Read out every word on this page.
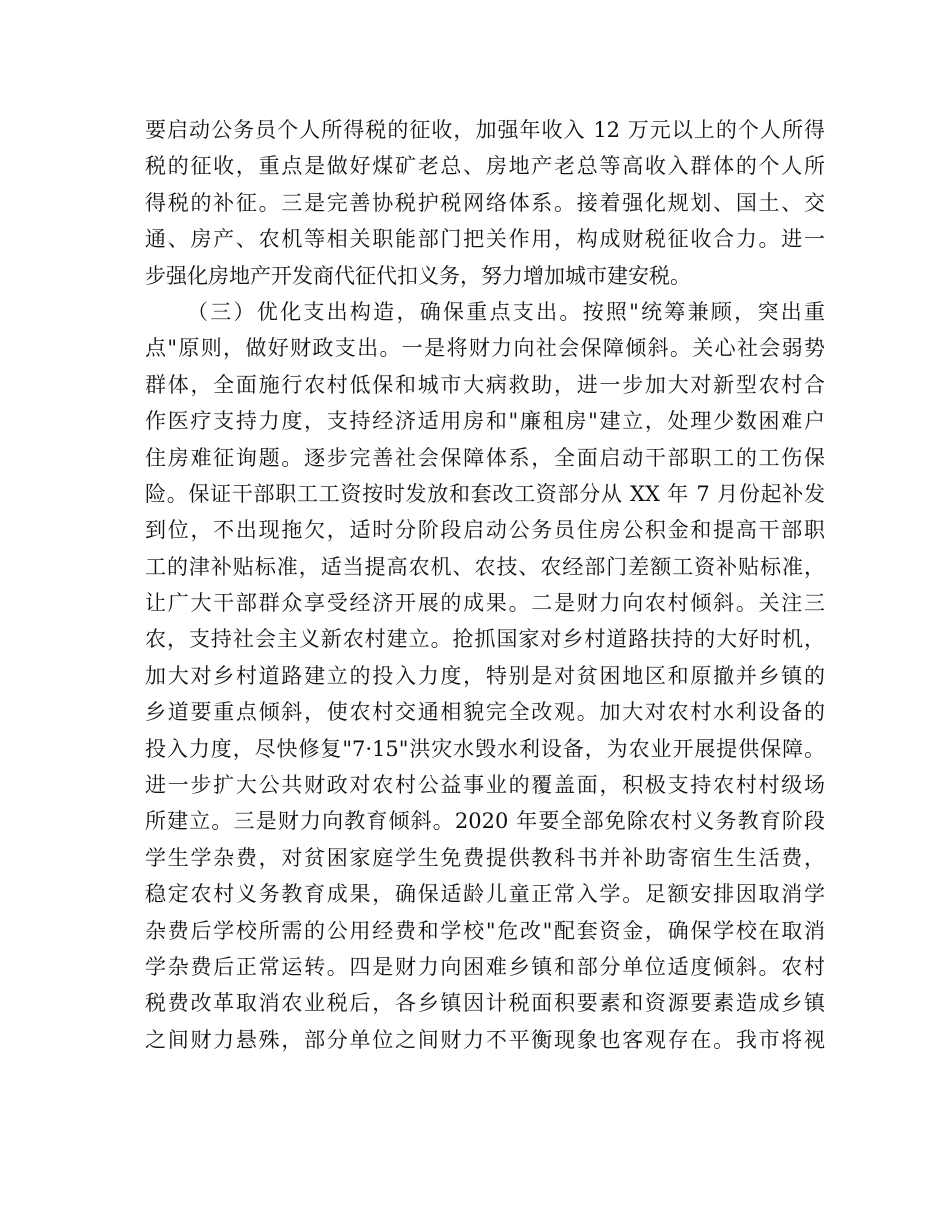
要启动公务员个人所得税的征收，加强年收入 12 万元以上的个人所得
税的征收，重点是做好煤矿老总、房地产老总等高收入群体的个人所
得税的补征。三是完善协税护税网络体系。接着强化规划、国土、交
通、房产、农机等相关职能部门把关作用，构成财税征收合力。进一
步强化房地产开发商代征代扣义务，努力增加城市建安税。
（三）优化支出构造，确保重点支出。按照"统筹兼顾，突出重
点"原则，做好财政支出。一是将财力向社会保障倾斜。关心社会弱势
群体，全面施行农村低保和城市大病救助，进一步加大对新型农村合
作医疗支持力度，支持经济适用房和"廉租房"建立，处理少数困难户
住房难征询题。逐步完善社会保障体系，全面启动干部职工的工伤保
险。保证干部职工工资按时发放和套改工资部分从 XX 年 7 月份起补发
到位，不出现拖欠，适时分阶段启动公务员住房公积金和提高干部职
工的津补贴标准，适当提高农机、农技、农经部门差额工资补贴标准，
让广大干部群众享受经济开展的成果。二是财力向农村倾斜。关注三
农，支持社会主义新农村建立。抢抓国家对乡村道路扶持的大好时机，
加大对乡村道路建立的投入力度，特别是对贫困地区和原撤并乡镇的
乡道要重点倾斜，使农村交通相貌完全改观。加大对农村水利设备的
投入力度，尽快修复"7·15"洪灾水毁水利设备，为农业开展提供保障。
进一步扩大公共财政对农村公益事业的覆盖面，积极支持农村村级场
所建立。三是财力向教育倾斜。2020 年要全部免除农村义务教育阶段
学生学杂费，对贫困家庭学生免费提供教科书并补助寄宿生生活费，
稳定农村义务教育成果，确保适龄儿童正常入学。足额安排因取消学
杂费后学校所需的公用经费和学校"危改"配套资金，确保学校在取消
学杂费后正常运转。四是财力向困难乡镇和部分单位适度倾斜。农村
税费改革取消农业税后，各乡镇因计税面积要素和资源要素造成乡镇
之间财力悬殊，部分单位之间财力不平衡现象也客观存在。我市将视
